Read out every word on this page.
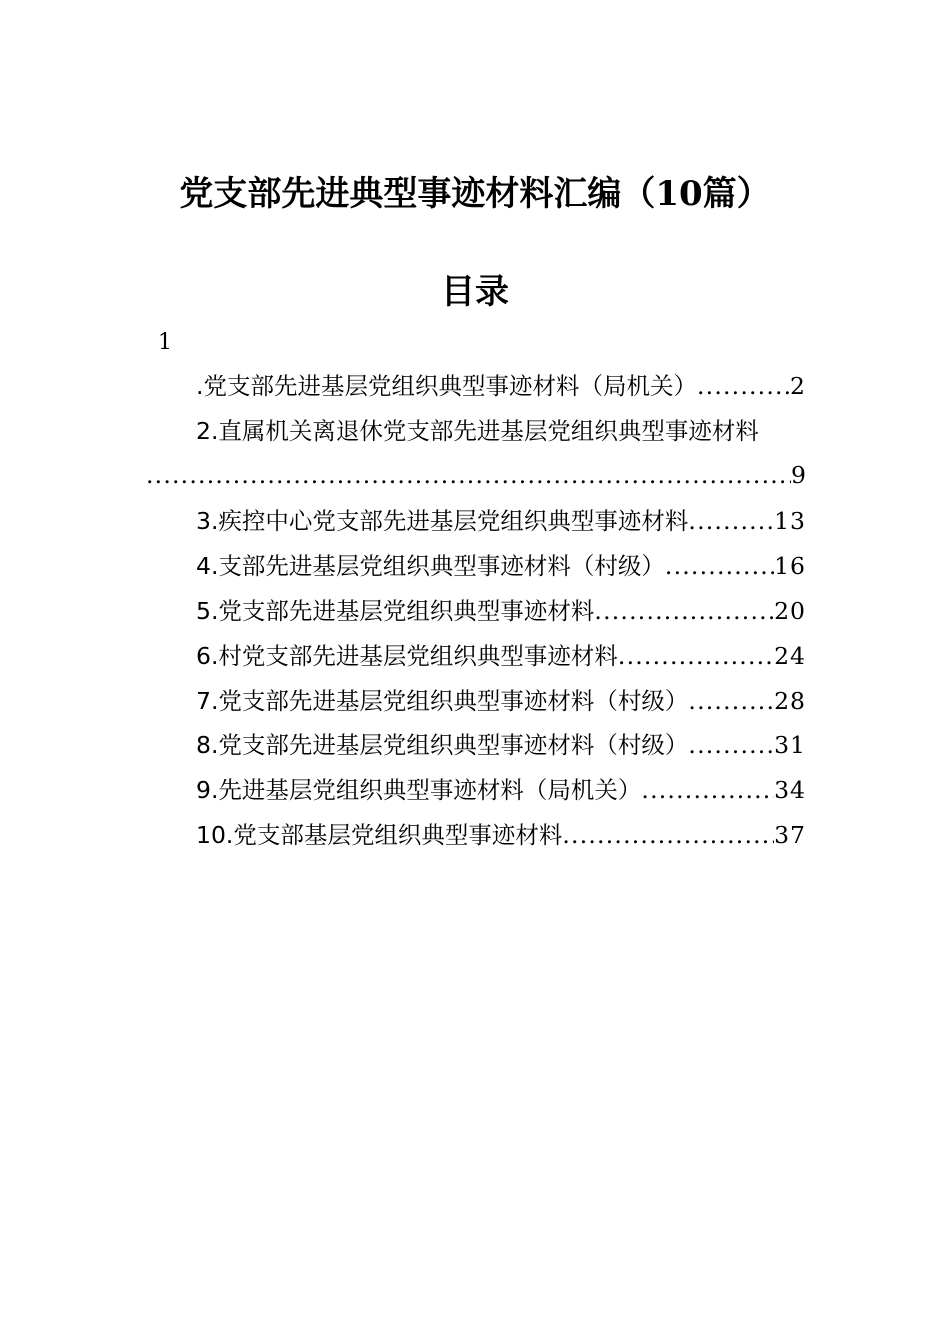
党支部先进典型事迹材料汇编（10篇）
目录
1
.党支部先进基层党组织典型事迹材料（局机关） .....	2
2.直属机关离退休党支部先进基层党组织典型事迹材料
.....
9
3.疾控中心党支部先进基层党组织典型事迹材料 .....	13
4.支部先进基层党组织典型事迹材料（村级） .....	16
5.党支部先进基层党组织典型事迹材料 .....	20
6.村党支部先进基层党组织典型事迹材料 .....	24
7.党支部先进基层党组织典型事迹材料（村级） .....	28
8.党支部先进基层党组织典型事迹材料（村级） .....	31
9.先进基层党组织典型事迹材料（局机关） .....	34
10.党支部基层党组织典型事迹材料 .....	37
